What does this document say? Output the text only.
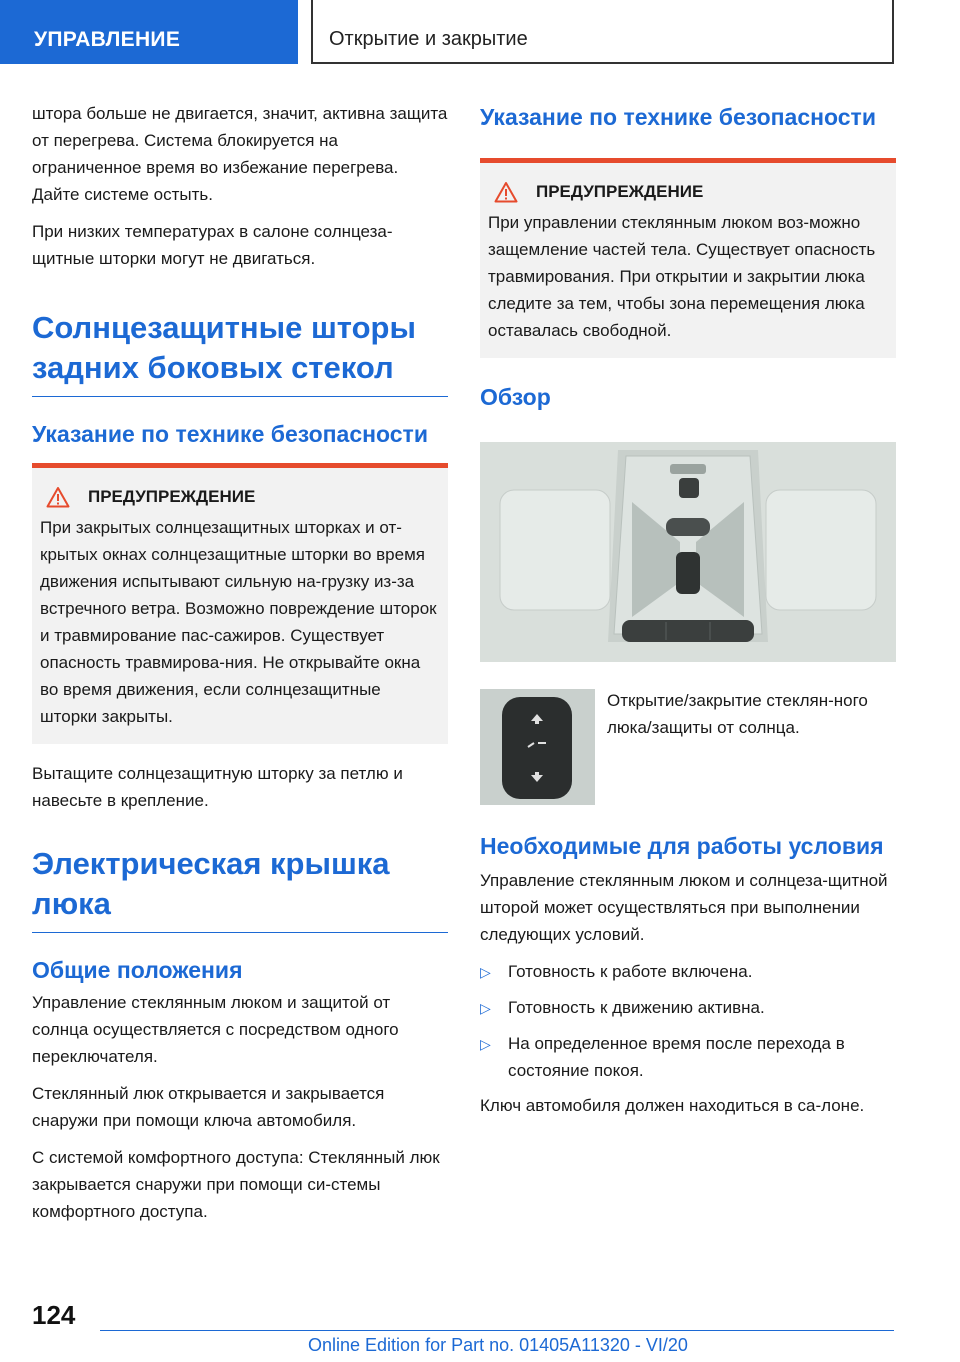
УПРАВЛЕНИЕ	Открытие и закрытие

штора больше не двигается, значит, активна защита от перегрева. Система блокируется на ограниченное время во избежание перегрева. Дайте системе остыть.

При низких температурах в салоне солнцеза-щитные шторки могут не двигаться.

Солнцезащитные шторы задних боковых стекол
Указание по технике безопасности
ПРЕДУПРЕЖДЕНИЕ

При закрытых солнцезащитных шторках и от-крытых окнах солнцезащитные шторки во время движения испытывают сильную на-грузку из-за встречного ветра. Возможно повреждение шторок и травмирование пас-сажиров. Существует опасность травмирова-ния. Не открывайте окна во время движения, если солнцезащитные шторки закрыты.

Вытащите солнцезащитную шторку за петлю и навесьте в крепление.

Электрическая крышка люка
Общие положения

Управление стеклянным люком и защитой от солнца осуществляется с посредством одного переключателя.

Стеклянный люк открывается и закрывается снаружи при помощи ключа автомобиля.

С системой комфортного доступа: Стеклянный люк закрывается снаружи при помощи си-стемы комфортного доступа.

Указание по технике безопасности
ПРЕДУПРЕЖДЕНИЕ

При управлении стеклянным люком воз-можно защемление частей тела. Существует опасность травмирования. При открытии и закрытии люка следите за тем, чтобы зона перемещения люка оставалась свободной.

Обзор

Открытие/закрытие стеклян-ного люка/защиты от солнца.

Необходимые для работы условия

Управление стеклянным люком и солнцеза-щитной шторой может осуществляться при выполнении следующих условий.

▷	Готовность к работе включена.
▷	Готовность к движению активна.
▷	На определенное время после перехода в состояние покоя.

Ключ автомобиля должен находиться в са-лоне.

124
Online Edition for Part no. 01405A11320 - VI/20
